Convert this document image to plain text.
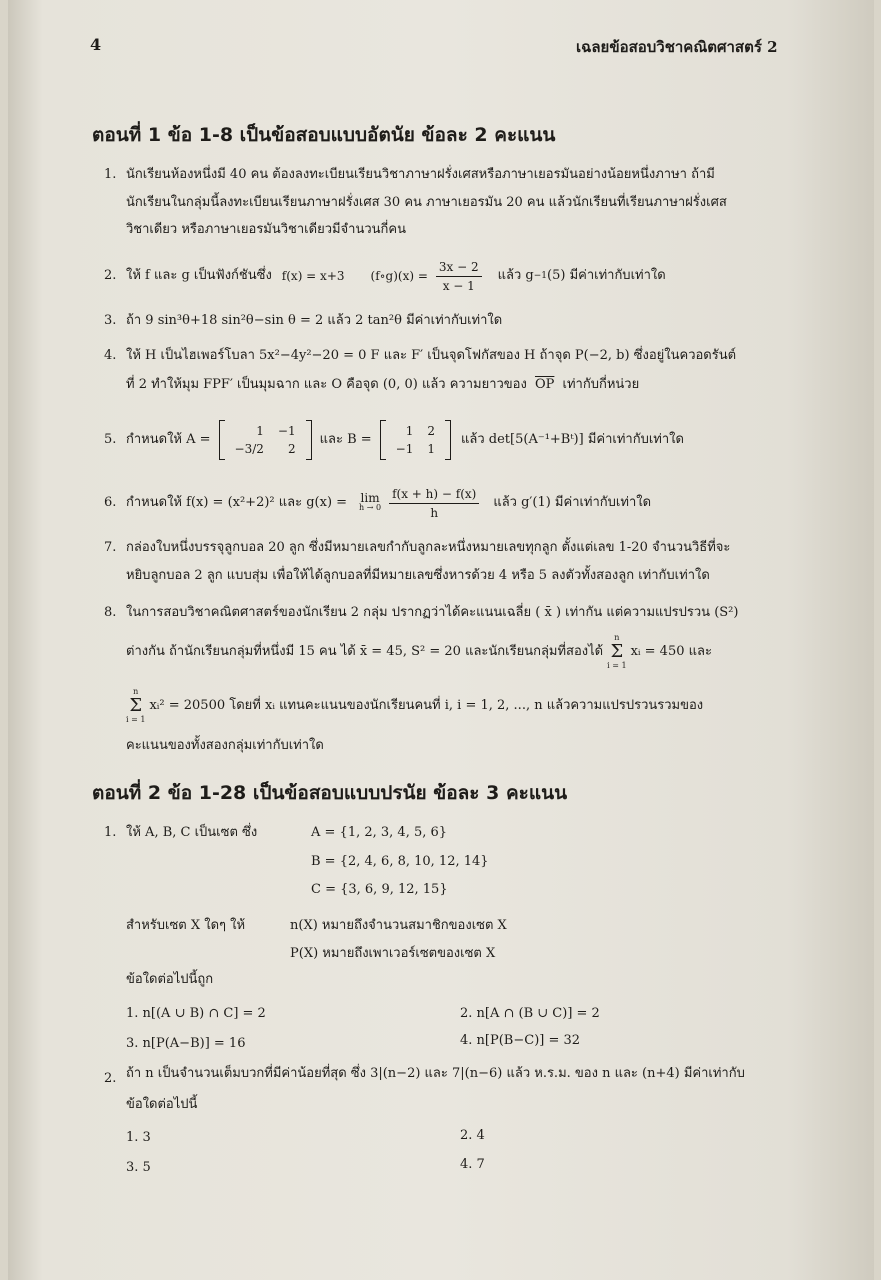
4	เฉลยข้อสอบวิชาคณิตศาสตร์ 2
ตอนที่ 1 ข้อ 1-8 เป็นข้อสอบแบบอัตนัย ข้อละ 2 คะแนน
1. นักเรียนห้องหนึ่งมี 40 คน ต้องลงทะเบียนเรียนวิชาภาษาฝรั่งเศสหรือภาษาเยอรมันอย่างน้อยหนึ่งภาษา ถ้ามี
นักเรียนในกลุ่มนี้ลงทะเบียนเรียนภาษาฝรั่งเศส 30 คน ภาษาเยอรมัน 20 คน แล้วนักเรียนที่เรียนภาษาฝรั่งเศส
วิชาเดียว หรือภาษาเยอรมันวิชาเดียวมีจำนวนกี่คน
2. ให้ f และ g เป็นฟังก์ชันซึ่ง f(x) = x+3 (f∘g)(x) = $\frac{3x - 2}{x - 1}$ แล้ว g −1 (5) มีค่าเท่ากับเท่าใด
3. ถ้า 9 sin³θ+18 sin²θ−sin θ = 2 แล้ว 2 tan²θ มีค่าเท่ากับเท่าใด
4. ให้ H เป็นไฮเพอร์โบลา 5x²−4y²−20 = 0 F และ F′ เป็นจุดโฟกัสของ H ถ้าจุด P(−2, b) ซึ่งอยู่ในควอดรันต์
ที่ 2 ทำให้มุม FPF′ เป็นมุมฉาก และ O คือจุด (0, 0) แล้ว ความยาวของ $\overline{OP}$ เท่ากับกี่หน่วย
5. กำหนดให้ A =
1	−1
−3/2	2
และ B =
1	2
−1	1
แล้ว det[5(A⁻¹+Bᵗ)] มีค่าเท่ากับเท่าใด
6. กำหนดให้ f(x) = (x²+2)² และ g(x) = lim
$h \to 0 \frac{f(x + h) - f(x)}{h}$ แล้ว g′(1) มีค่าเท่ากับเท่าใด
7. กล่องใบหนึ่งบรรจุลูกบอล 20 ลูก ซึ่งมีหมายเลขกำกับลูกละหนึ่งหมายเลขทุกลูก ตั้งแต่เลข 1-20 จำนวนวิธีที่จะ
หยิบลูกบอล 2 ลูก แบบสุ่ม เพื่อให้ได้ลูกบอลที่มีหมายเลขซึ่งหารด้วย 4 หรือ 5 ลงตัวทั้งสองลูก เท่ากับเท่าใด
8. ในการสอบวิชาคณิตศาสตร์ของนักเรียน 2 กลุ่ม ปรากฏว่าได้คะแนนเฉลี่ย ( x̄ ) เท่ากัน แต่ความแปรปรวน (S²)
ต่างกัน ถ้านักเรียนกลุ่มที่หนึ่งมี 15 คน ได้ x̄ = 45, S² = 20 และนักเรียนกลุ่มที่สองได้
n
Σ
i = 1
xᵢ = 450 และ
n
Σ
i = 1
xᵢ² = 20500 โดยที่ xᵢ แทนคะแนนของนักเรียนคนที่ i, i = 1, 2, ..., n แล้วความแปรปรวนรวมของ
คะแนนของทั้งสองกลุ่มเท่ากับเท่าใด
ตอนที่ 2 ข้อ 1-28 เป็นข้อสอบแบบปรนัย ข้อละ 3 คะแนน
1. ให้ A, B, C เป็นเซต ซึ่ง	A = {1, 2, 3, 4, 5, 6}
B = {2, 4, 6, 8, 10, 12, 14}
C = {3, 6, 9, 12, 15}
สำหรับเซต X ใดๆ ให้	n(X) หมายถึงจำนวนสมาชิกของเซต X
P(X) หมายถึงเพาเวอร์เซตของเซต X
ข้อใดต่อไปนี้ถูก
1. n[(A ∪ B) ∩ C] = 2	2. n[A ∩ (B ∪ C)] = 2
3. n[P(A−B)] = 16	4. n[P(B−C)] = 32
2. ถ้า n เป็นจำนวนเต็มบวกที่มีค่าน้อยที่สุด ซึ่ง 3|(n−2) และ 7|(n−6) แล้ว ห.ร.ม. ของ n และ (n+4) มีค่าเท่ากับ
ข้อใดต่อไปนี้
1. 3	2. 4
3. 5	4. 7
